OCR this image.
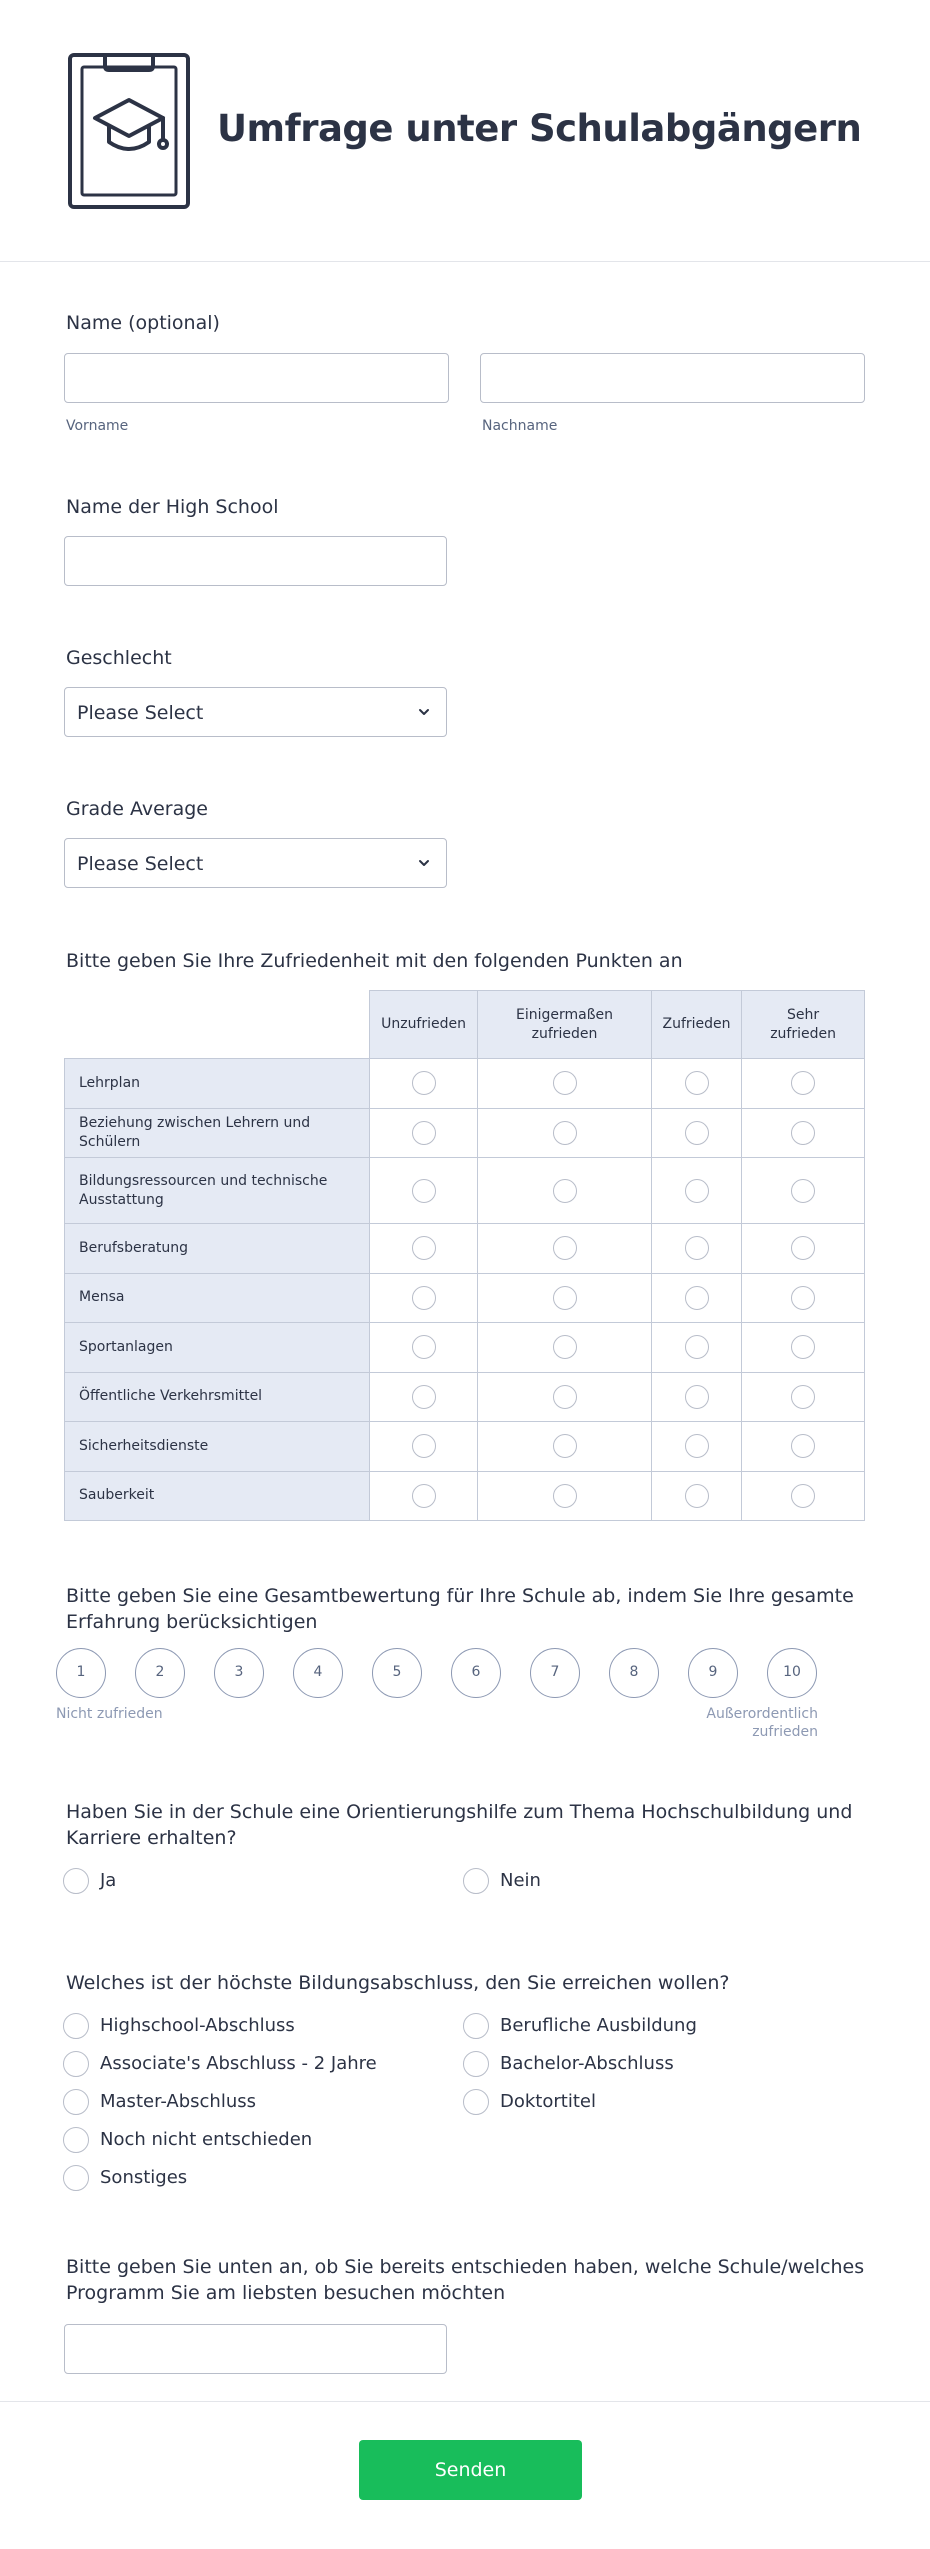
Umfrage unter Schulabgängern
Name (optional)
Vorname	Nachname
Name der High School
Geschlecht
Please Select
Grade Average
Please Select
Bitte geben Sie Ihre Zufriedenheit mit den folgenden Punkten an
	Unzufrieden	Einigermaßen zufrieden	Zufrieden	Sehr zufrieden
Lehrplan				
Beziehung zwischen Lehrern und Schülern				
Bildungsressourcen und technische Ausstattung				
Berufsberatung				
Mensa				
Sportanlagen				
Öffentliche Verkehrsmittel				
Sicherheitsdienste				
Sauberkeit				
Bitte geben Sie eine Gesamtbewertung für Ihre Schule ab, indem Sie Ihre gesamte Erfahrung berücksichtigen
1	2	3	4	5	6	7	8	9	10
Nicht zufrieden	Außerordentlich zufrieden
Haben Sie in der Schule eine Orientierungshilfe zum Thema Hochschulbildung und Karriere erhalten?
Ja	Nein
Welches ist der höchste Bildungsabschluss, den Sie erreichen wollen?
Highschool-Abschluss	Berufliche Ausbildung
Associate's Abschluss - 2 Jahre	Bachelor-Abschluss
Master-Abschluss	Doktortitel
Noch nicht entschieden
Sonstiges
Bitte geben Sie unten an, ob Sie bereits entschieden haben, welche Schule/welches Programm Sie am liebsten besuchen möchten
Senden
